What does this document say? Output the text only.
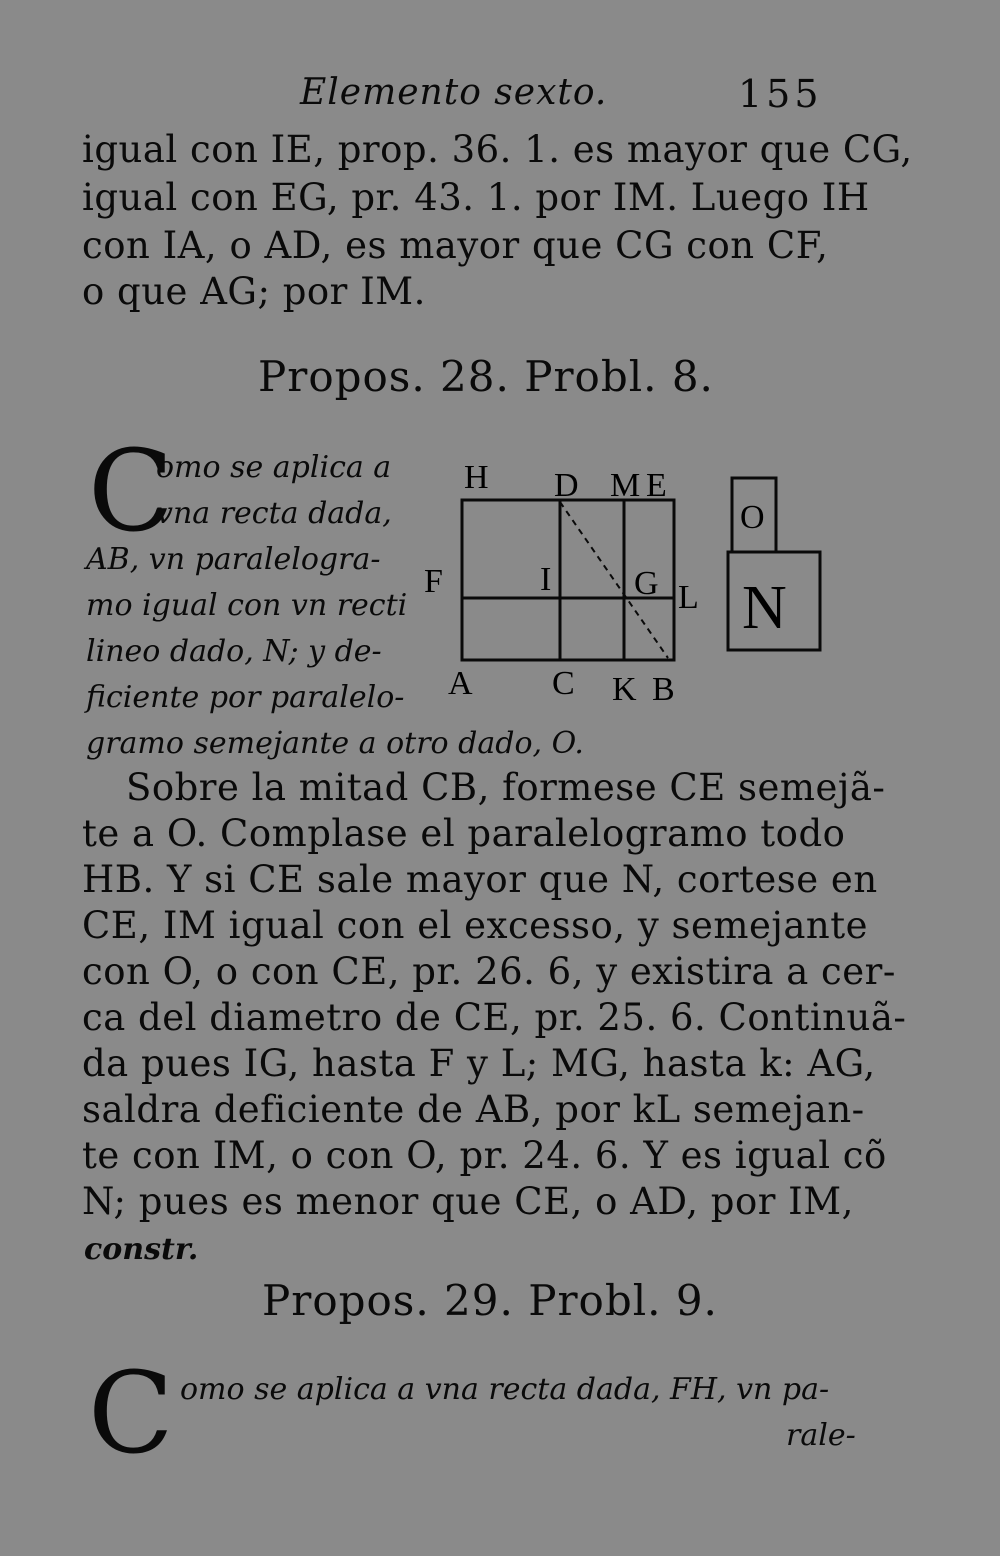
Elemento sexto.	155
igual con IE, prop. 36. 1. es mayor que CG,
igual con EG, pr. 43. 1. por IM. Luego IH
con IA, o AD, es mayor que CG con CF,
o que AG; por IM.
Propos. 28. Probl. 8.
C
omo se aplica a
vna recta dada,
AB, vn paralelogra-
mo igual con vn recti
lineo dado, N; y de-
ficiente por paralelo-
gramo semejante a otro dado, O.
H D M E
F	I G L
A C K B
O
N
Sobre la mitad CB, formese CE semejã-
te a O. Complase el paralelogramo todo
HB. Y si CE sale mayor que N, cortese en
CE, IM igual con el excesso, y semejante
con O, o con CE, pr. 26. 6, y existira a cer-
ca del diametro de CE, pr. 25. 6. Continuã-
da pues IG, hasta F y L; MG, hasta k: AG,
saldra deficiente de AB, por kL semejan-
te con IM, o con O, pr. 24. 6. Y es igual cõ
N; pues es menor que CE, o AD, por IM,
constr.
Propos. 29. Probl. 9.
C omo se aplica a vna recta dada, FH, vn pa-
rale-
